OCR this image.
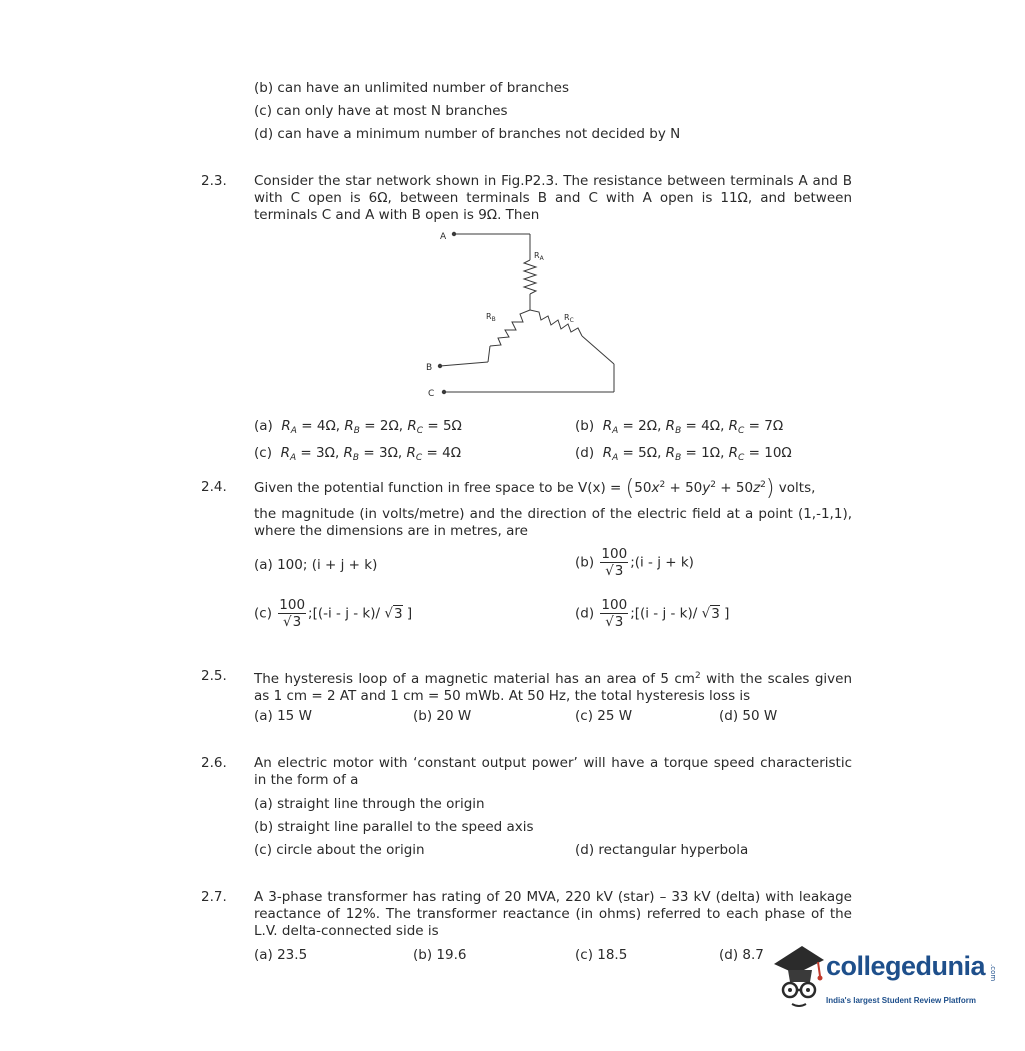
(b) can have an unlimited number of branches
(c) can only have at most N branches
(d) can have a minimum number of branches not decided by N
2.3. Consider the star network shown in Fig.P2.3. The resistance between terminals A and B with C open is 6Ω, between terminals B and C with A open is 11Ω, and between terminals C and A with B open is 9Ω. Then
A
B
C
$R_A$
$R_B$	$R_C$
(a) $R_A = 4\Omega$, $R_B = 2\Omega$, $R_C = 5\Omega$	(b) $R_A = 2\Omega$, $R_B = 4\Omega$, $R_C = 7\Omega$
(c) $R_A = 3\Omega$, $R_B = 3\Omega$, $R_C = 4\Omega$	(d) $R_A = 5\Omega$, $R_B = 1\Omega$, $R_C = 10\Omega$
2.4. Given the potential function in free space to be $V(x) = (50x^2 + 50y^2 + 50z^2)$ volts,
the magnitude (in volts/metre) and the direction of the electric field at a point (1,-1,1), where the dimensions are in metres, are
(a) 100; (i + j + k)	$(b) \frac{100}{√3}$ ;(i - j + k)
$(c) \frac{100}{√3}$ ;[(-i - j - k)/ √3 ]	$(d) \frac{100}{√3}$ ;[(i - j - k)/ √3 ]
2.5. The hysteresis loop of a magnetic material has an area of 5 $cm^2$ with the scales given as 1 cm = 2 AT and 1 cm = 50 mWb. At 50 Hz, the total hysteresis loss is
(a) 15 W	(b) 20 W	(c) 25 W	(d) 50 W
2.6. An electric motor with ‘constant output power’ will have a torque speed characteristic in the form of a
(a) straight line through the origin
(b) straight line parallel to the speed axis
(c) circle about the origin	(d) rectangular hyperbola
2.7. A 3-phase transformer has rating of 20 MVA, 220 kV (star) – 33 kV (delta) with leakage reactance of 12%. The transformer reactance (in ohms) referred to each phase of the L.V. delta-connected side is
(a) 23.5	(b) 19.6	(c) 18.5	(d) 8.7 collegedunia .com
India's largest Student Review Platform
